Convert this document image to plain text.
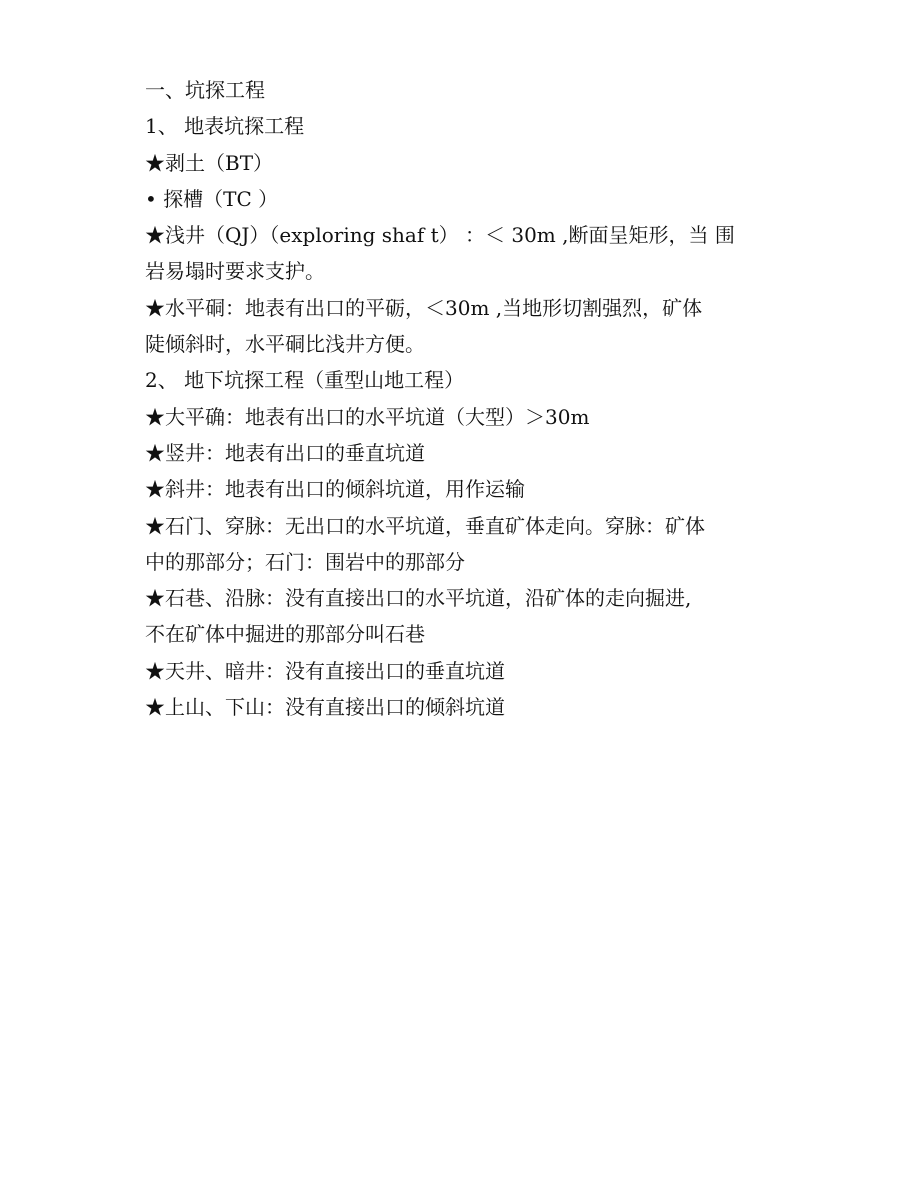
一、坑探工程
1、 地表坑探工程
★剥土（BT）
• 探槽（TC ）
★浅井（QJ）（exploring shaf t） ：＜ 30m ,断面呈矩形，当 围
岩易塌时要求支护。
★水平硐：地表有出口的平砺，＜30m ,当地形切割强烈，矿体
陡倾斜时，水平硐比浅井方便。
2、 地下坑探工程（重型山地工程）
★大平确：地表有出口的水平坑道（大型）＞30m
★竖井：地表有出口的垂直坑道
★斜井：地表有出口的倾斜坑道，用作运输
★石门、穿脉：无出口的水平坑道，垂直矿体走向。穿脉：矿体
中的那部分；石门：围岩中的那部分
★石巷、沿脉：没有直接出口的水平坑道，沿矿体的走向掘进,
不在矿体中掘进的那部分叫石巷
★天井、暗井：没有直接出口的垂直坑道
★上山、下山：没有直接出口的倾斜坑道
